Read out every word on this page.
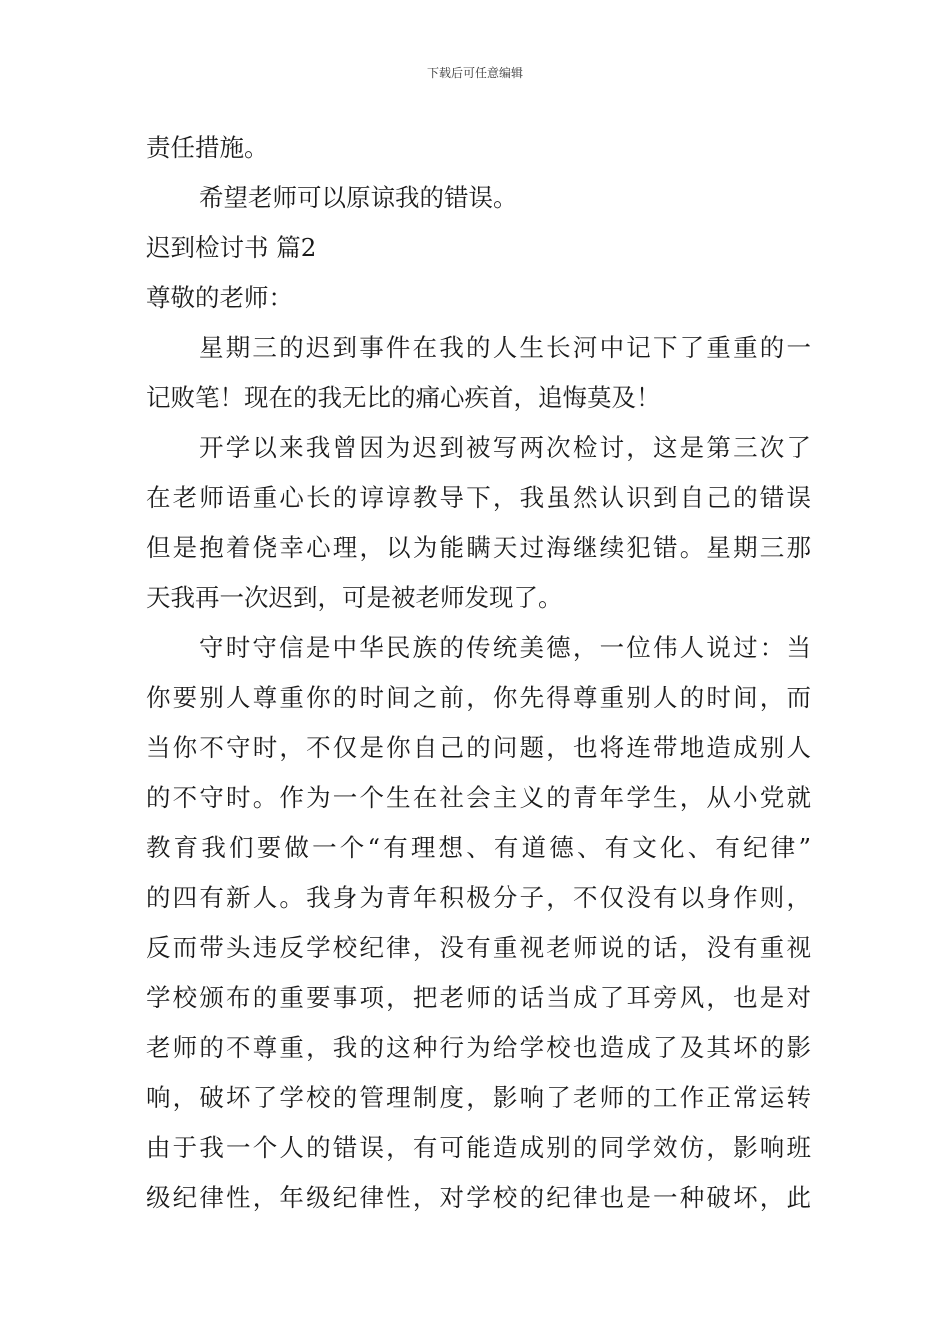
下载后可任意编辑
责任措施。
希望老师可以原谅我的错误。
迟到检讨书 篇2
尊敬的老师：
星期三的迟到事件在我的人生长河中记下了重重的一
记败笔！现在的我无比的痛心疾首，追悔莫及！
开学以来我曾因为迟到被写两次检讨，这是第三次了
在老师语重心长的谆谆教导下，我虽然认识到自己的错误
但是抱着侥幸心理，以为能瞒天过海继续犯错。星期三那
天我再一次迟到，可是被老师发现了。
守时守信是中华民族的传统美德，一位伟人说过：当
你要别人尊重你的时间之前，你先得尊重别人的时间，而
当你不守时，不仅是你自己的问题，也将连带地造成别人
的不守时。作为一个生在社会主义的青年学生，从小党就
教育我们要做一个“有理想、有道德、有文化、有纪律”
的四有新人。我身为青年积极分子，不仅没有以身作则，
反而带头违反学校纪律，没有重视老师说的话，没有重视
学校颁布的重要事项，把老师的话当成了耳旁风，也是对
老师的不尊重，我的这种行为给学校也造成了及其坏的影
响，破坏了学校的管理制度，影响了老师的工作正常运转
由于我一个人的错误，有可能造成别的同学效仿，影响班
级纪律性，年级纪律性，对学校的纪律也是一种破坏，此
